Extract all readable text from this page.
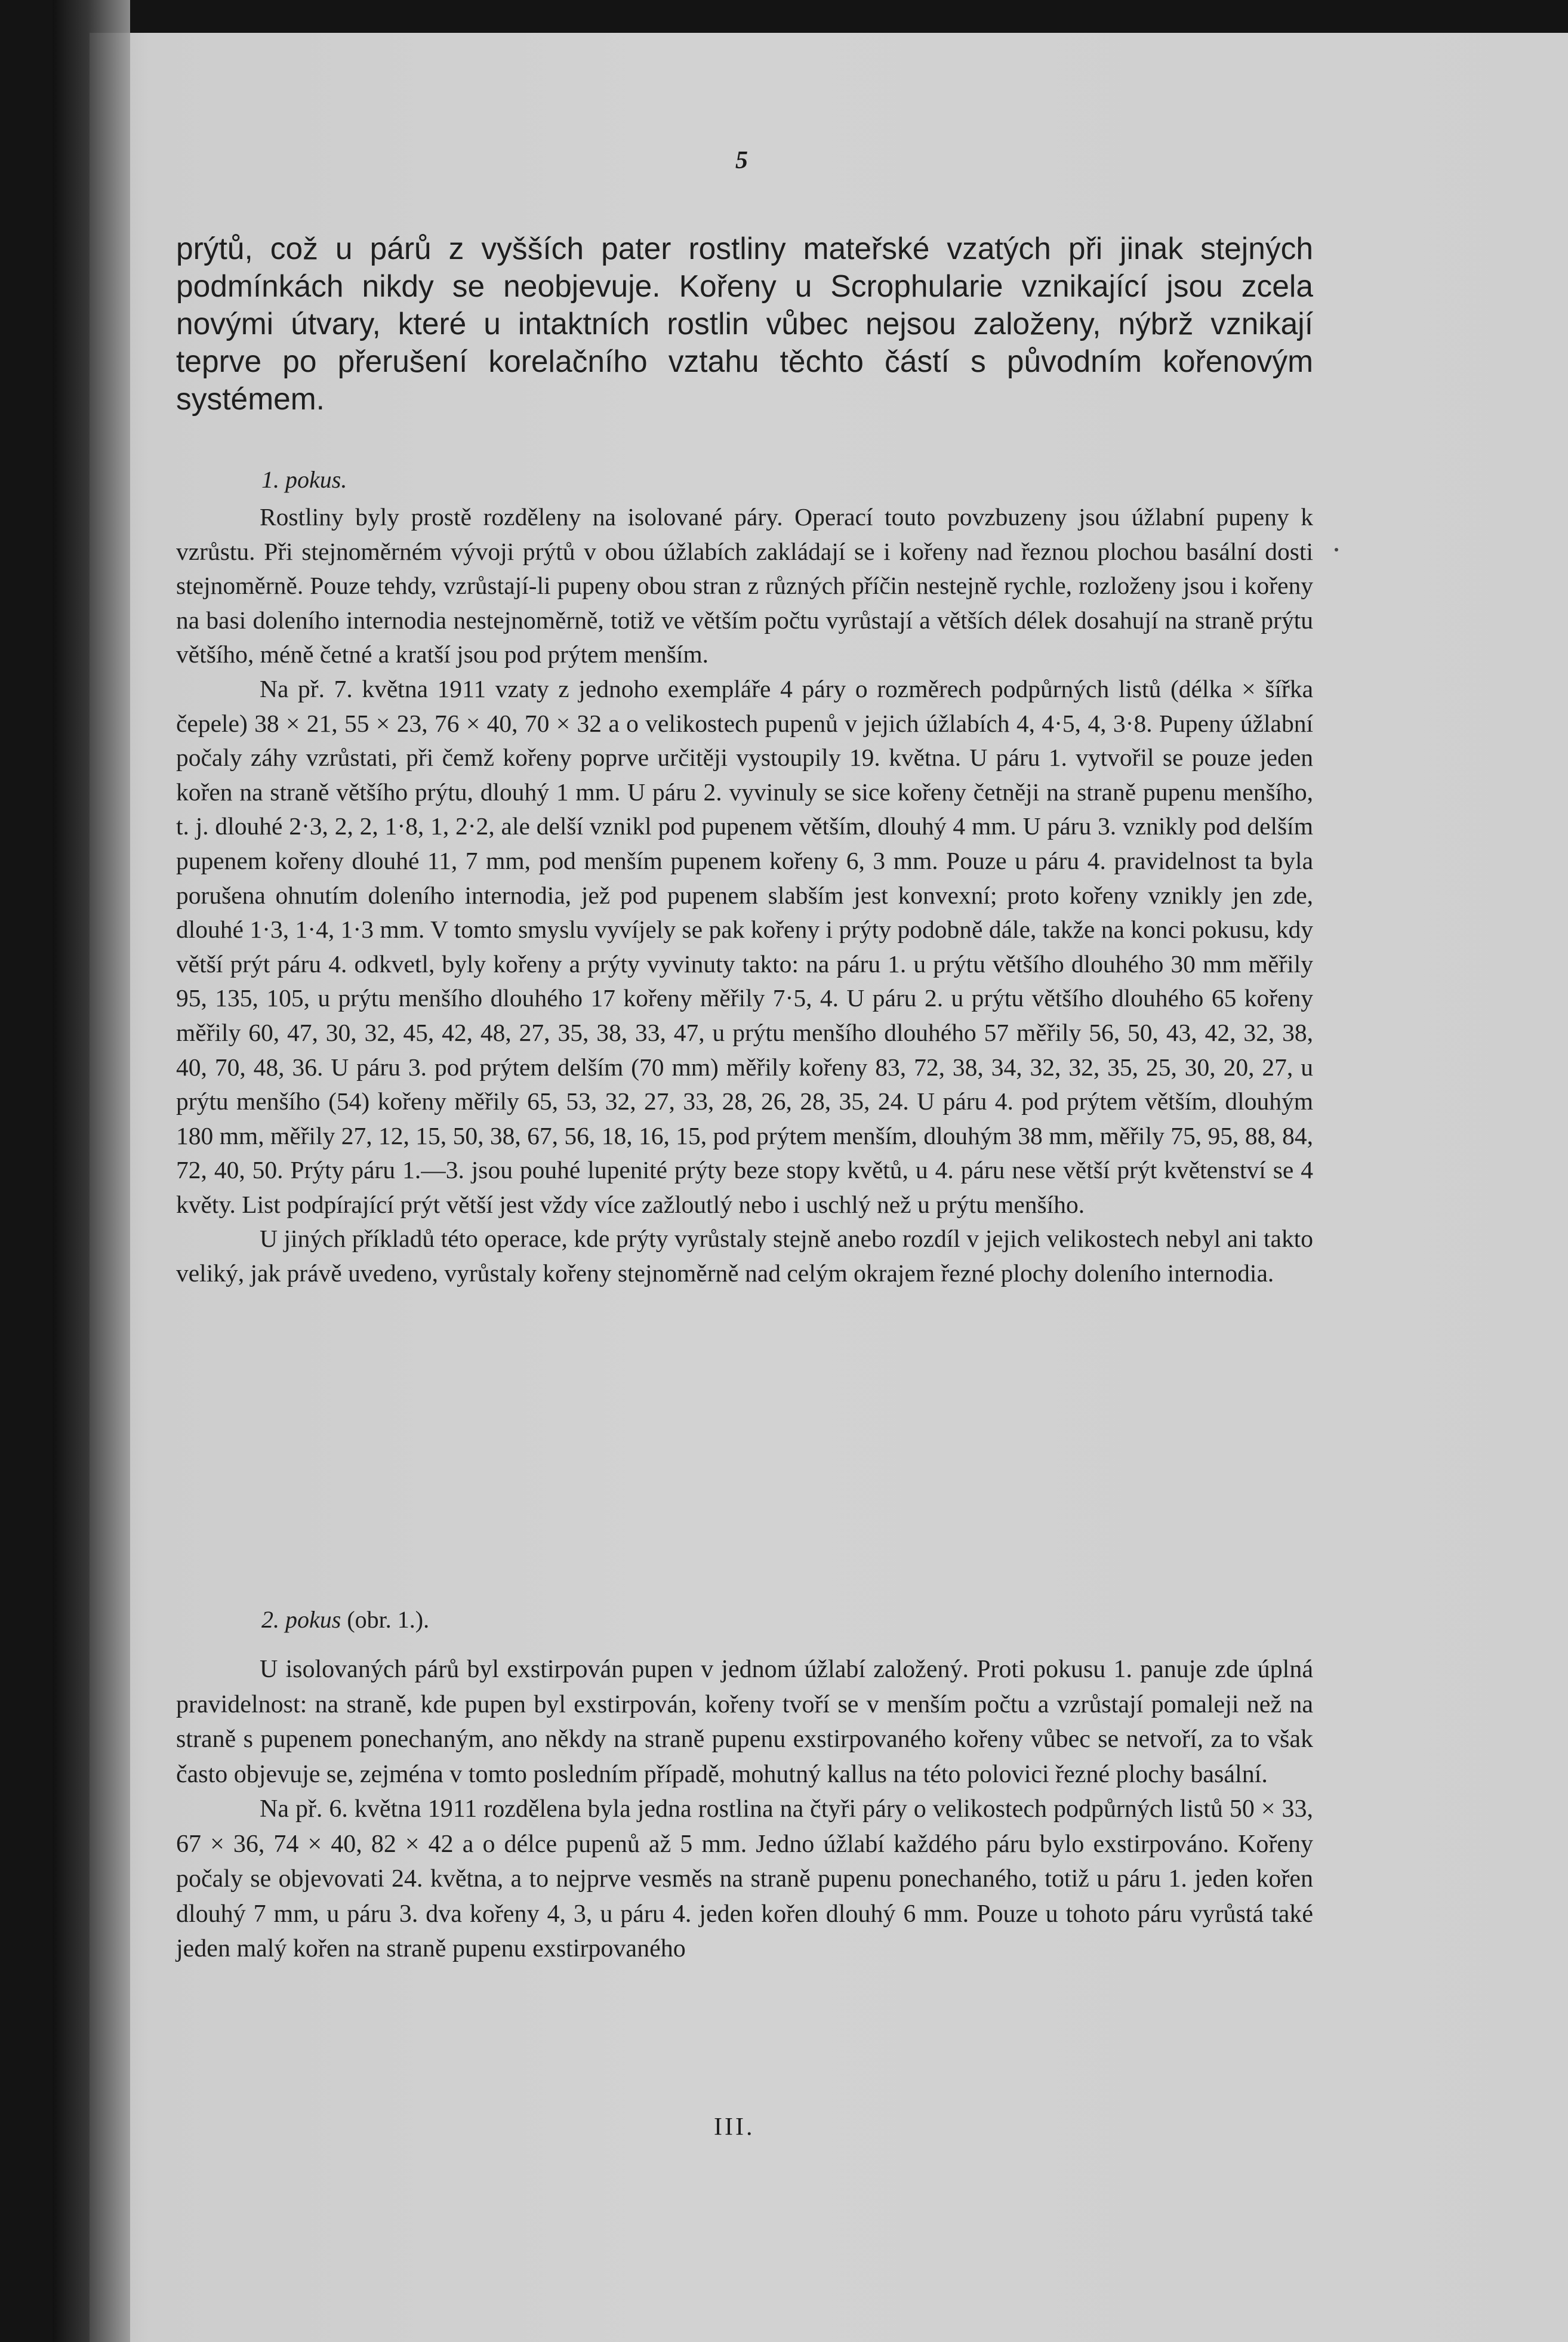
5

prýtů, což u párů z vyšších pater rostliny mateřské vzatých při jinak stejných podmínkách nikdy se neobjevuje. Kořeny u Scrophularie vznikající jsou zcela novými útvary, které u intaktních rostlin vůbec nejsou založeny, nýbrž vznikají teprve po přerušení korelačního vztahu těchto částí s původním kořenovým systémem.

1. pokus.

Rostliny byly prostě rozděleny na isolované páry. Operací touto povzbuzeny jsou úžlabní pupeny k vzrůstu. Při stejnoměrném vývoji prýtů v obou úžlabích zakládají se i kořeny nad řeznou plochou basální dosti stejnoměrně. Pouze tehdy, vzrůstají-li pupeny obou stran z různých příčin nestejně rychle, rozloženy jsou i kořeny na basi doleního internodia nestejnoměrně, totiž ve větším počtu vyrůstají a větších délek dosahují na straně prýtu většího, méně četné a kratší jsou pod prýtem menším.

Na př. 7. května 1911 vzaty z jednoho exempláře 4 páry o rozměrech podpůrných listů (délka × šířka čepele) 38 × 21, 55 × 23, 76 × 40, 70 × 32 a o velikostech pupenů v jejich úžlabích 4, 4·5, 4, 3·8. Pupeny úžlabní počaly záhy vzrůstati, při čemž kořeny poprve určitěji vystoupily 19. května. U páru 1. vytvořil se pouze jeden kořen na straně většího prýtu, dlouhý 1 mm. U páru 2. vyvinuly se sice kořeny četněji na straně pupenu menšího, t. j. dlouhé 2·3, 2, 2, 1·8, 1, 2·2, ale delší vznikl pod pupenem větším, dlouhý 4 mm. U páru 3. vznikly pod delším pupenem kořeny dlouhé 11, 7 mm, pod menším pupenem kořeny 6, 3 mm. Pouze u páru 4. pravidelnost ta byla porušena ohnutím doleního internodia, jež pod pupenem slabším jest konvexní; proto kořeny vznikly jen zde, dlouhé 1·3, 1·4, 1·3 mm. V tomto smyslu vyvíjely se pak kořeny i prýty podobně dále, takže na konci pokusu, kdy větší prýt páru 4. odkvetl, byly kořeny a prýty vyvinuty takto: na páru 1. u prýtu většího dlouhého 30 mm měřily 95, 135, 105, u prýtu menšího dlouhého 17 kořeny měřily 7·5, 4. U páru 2. u prýtu většího dlouhého 65 kořeny měřily 60, 47, 30, 32, 45, 42, 48, 27, 35, 38, 33, 47, u prýtu menšího dlouhého 57 měřily 56, 50, 43, 42, 32, 38, 40, 70, 48, 36. U páru 3. pod prýtem delším (70 mm) měřily kořeny 83, 72, 38, 34, 32, 32, 35, 25, 30, 20, 27, u prýtu menšího (54) kořeny měřily 65, 53, 32, 27, 33, 28, 26, 28, 35, 24. U páru 4. pod prýtem větším, dlouhým 180 mm, měřily 27, 12, 15, 50, 38, 67, 56, 18, 16, 15, pod prýtem menším, dlouhým 38 mm, měřily 75, 95, 88, 84, 72, 40, 50. Prýty páru 1.—3. jsou pouhé lupenité prýty beze stopy květů, u 4. páru nese větší prýt květenství se 4 květy. List podpírající prýt větší jest vždy více zažloutlý nebo i uschlý než u prýtu menšího.

U jiných příkladů této operace, kde prýty vyrůstaly stejně anebo rozdíl v jejich velikostech nebyl ani takto veliký, jak právě uvedeno, vyrůstaly kořeny stejnoměrně nad celým okrajem řezné plochy doleního internodia.

2. pokus (obr. 1.).

U isolovaných párů byl exstirpován pupen v jednom úžlabí založený. Proti pokusu 1. panuje zde úplná pravidelnost: na straně, kde pupen byl exstirpován, kořeny tvoří se v menším počtu a vzrůstají pomaleji než na straně s pupenem ponechaným, ano někdy na straně pupenu exstirpovaného kořeny vůbec se netvoří, za to však často objevuje se, zejména v tomto posledním případě, mohutný kallus na této polovici řezné plochy basální.

Na př. 6. května 1911 rozdělena byla jedna rostlina na čtyři páry o velikostech podpůrných listů 50 × 33, 67 × 36, 74 × 40, 82 × 42 a o délce pupenů až 5 mm. Jedno úžlabí každého páru bylo exstirpováno. Kořeny počaly se objevovati 24. května, a to nejprve vesměs na straně pupenu ponechaného, totiž u páru 1. jeden kořen dlouhý 7 mm, u páru 3. dva kořeny 4, 3, u páru 4. jeden kořen dlouhý 6 mm. Pouze u tohoto páru vyrůstá také jeden malý kořen na straně pupenu exstirpovaného

III.
